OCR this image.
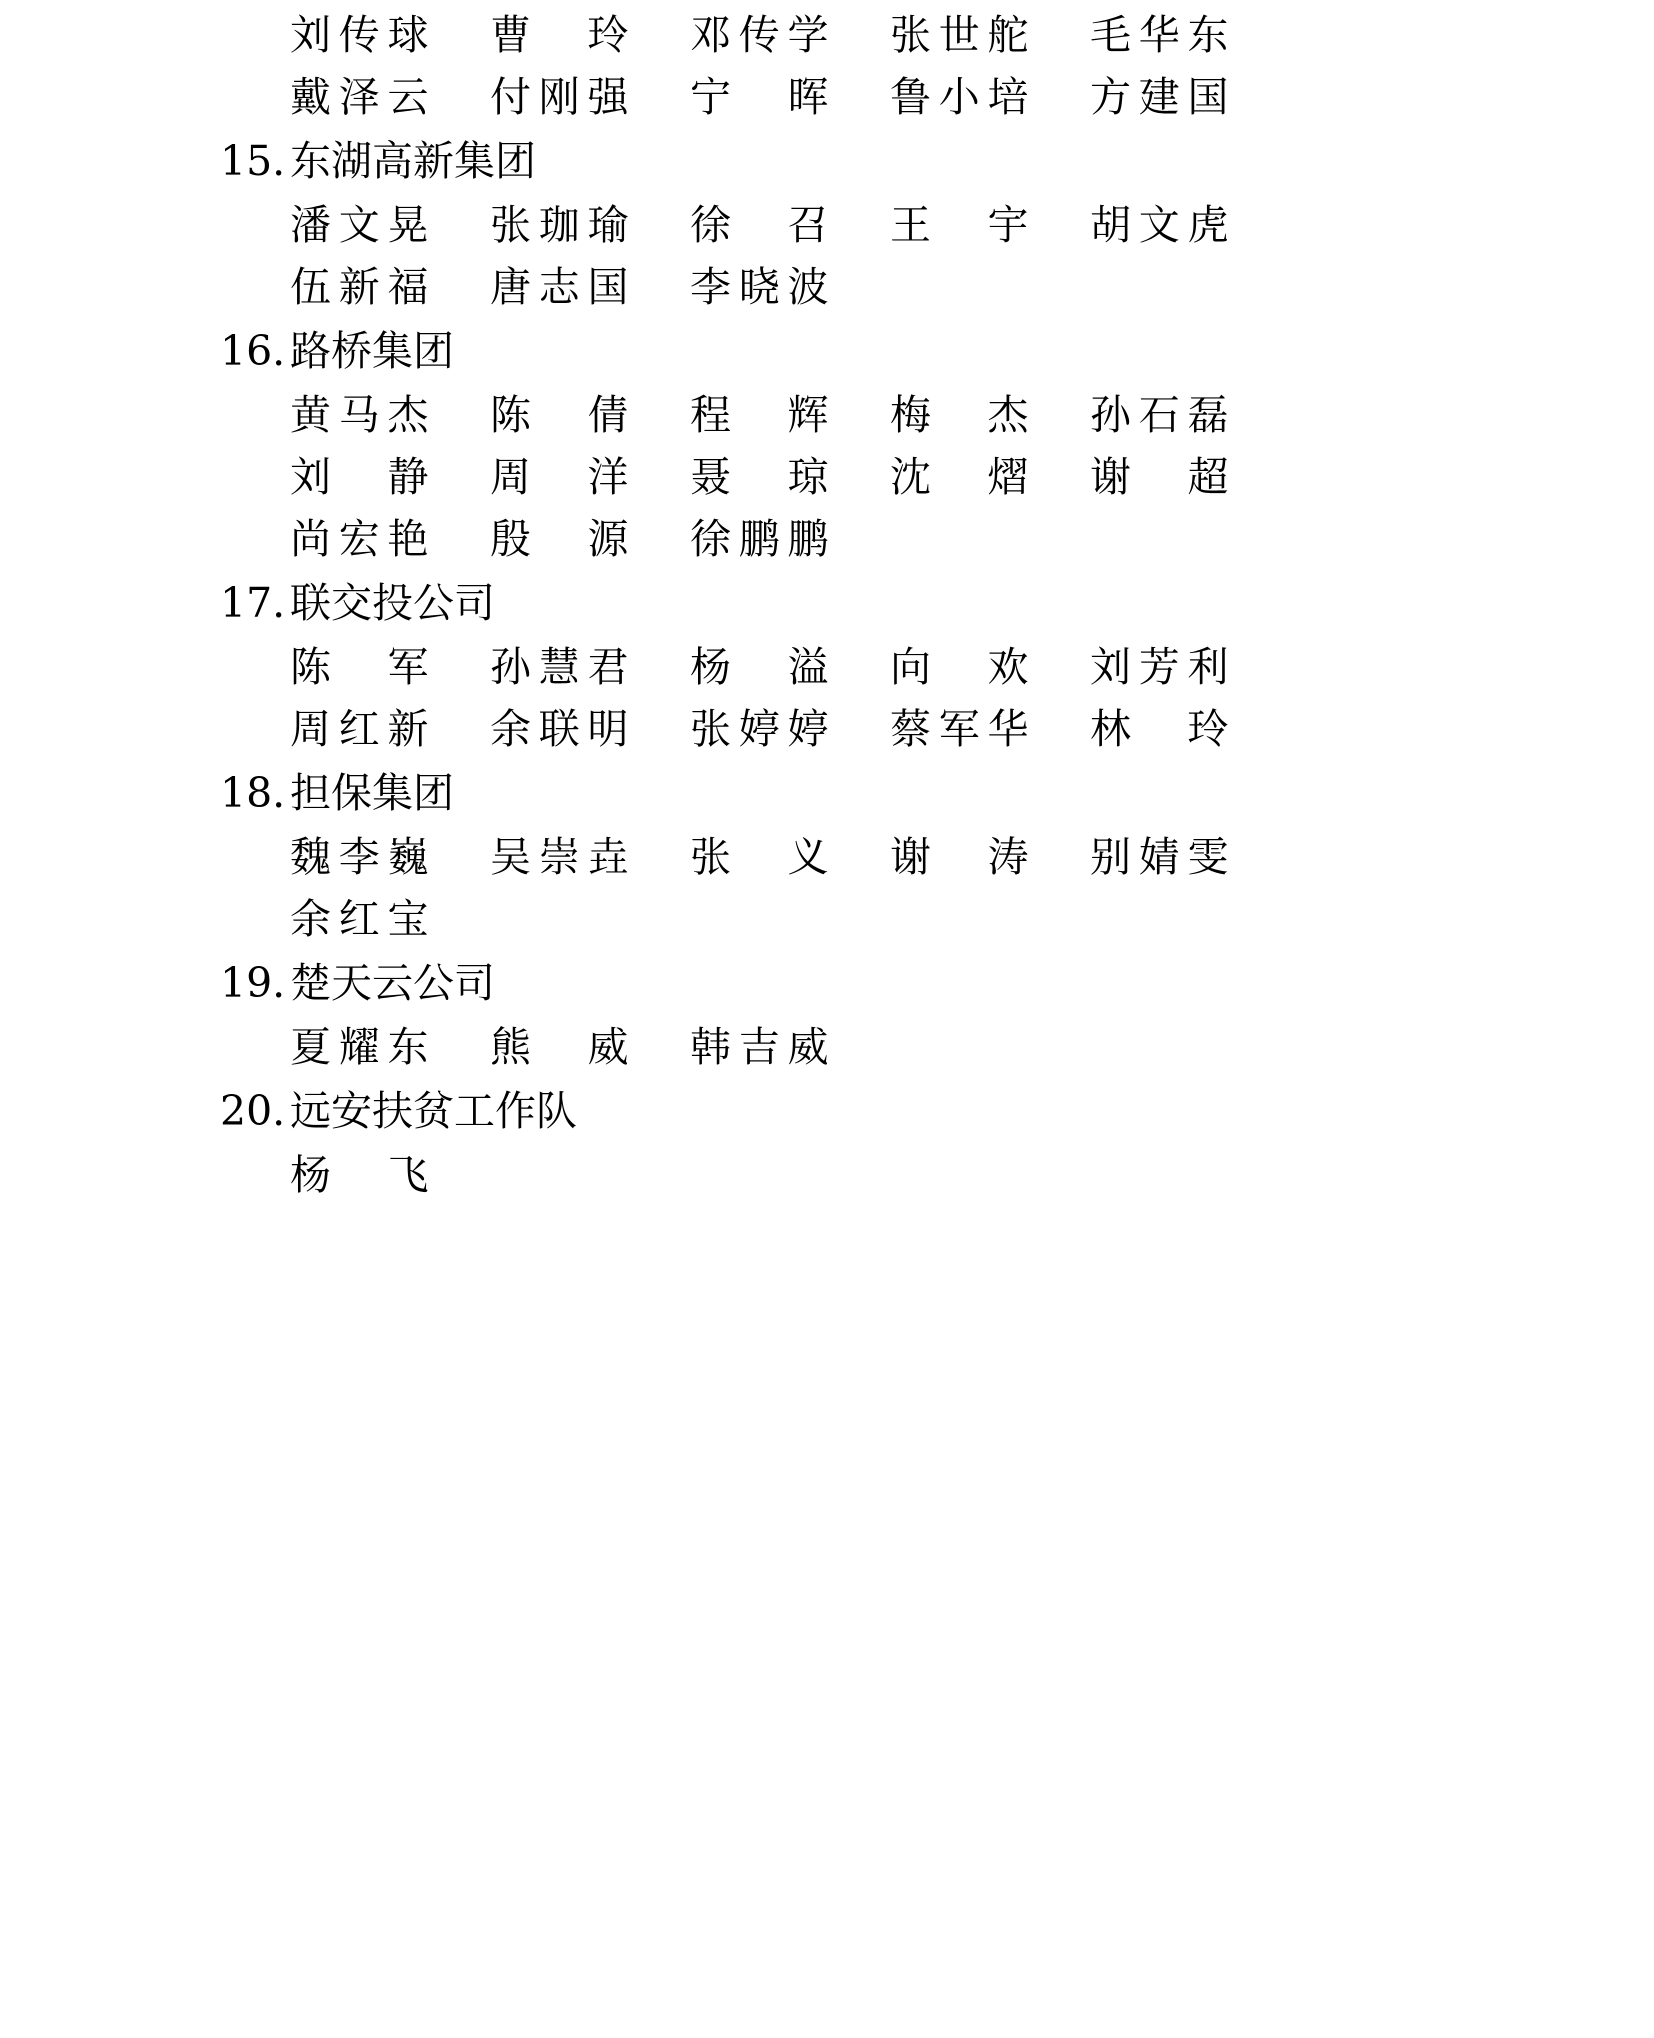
刘传球 曹玲 邓传学 张世舵 毛华东
戴泽云 付刚强 宁晖 鲁小培 方建国
15. 东湖高新集团
潘文晃 张珈瑜 徐召 王宇 胡文虎
伍新福 唐志国 李晓波
16. 路桥集团
黄马杰 陈倩 程辉 梅杰 孙石磊
刘静 周洋 聂琼 沈熠 谢超
尚宏艳 殷源 徐鹏鹏
17. 联交投公司
陈军 孙慧君 杨溢 向欢 刘芳利
周红新 余联明 张婷婷 蔡军华 林玲
18. 担保集团
魏李巍 吴崇垚 张义 谢涛 别婧雯
余红宝
19. 楚天云公司
夏耀东 熊威 韩吉威
20. 远安扶贫工作队
杨飞
